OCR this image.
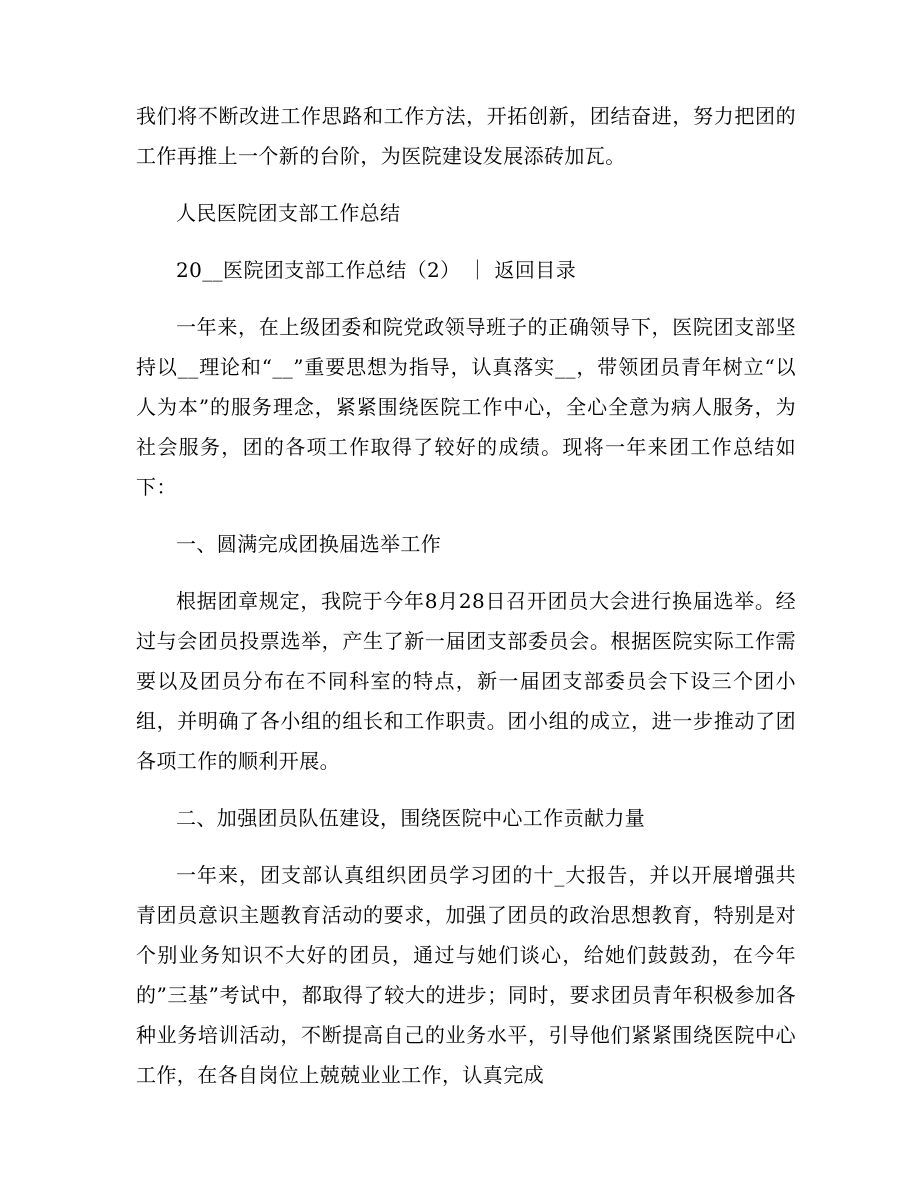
我们将不断改进工作思路和工作方法，开拓创新，团结奋进，努力把团的工作再推上一个新的台阶，为医院建设发展添砖加瓦。

人民医院团支部工作总结

20__医院团支部工作总结（2） ｜ 返回目录

一年来，在上级团委和院党政领导班子的正确领导下，医院团支部坚持以__理论和“__”重要思想为指导，认真落实__，带领团员青年树立“以人为本”的服务理念，紧紧围绕医院工作中心，全心全意为病人服务，为社会服务，团的各项工作取得了较好的成绩。现将一年来团工作总结如下：

一、圆满完成团换届选举工作

根据团章规定，我院于今年8月28日召开团员大会进行换届选举。经过与会团员投票选举，产生了新一届团支部委员会。根据医院实际工作需要以及团员分布在不同科室的特点，新一届团支部委员会下设三个团小组，并明确了各小组的组长和工作职责。团小组的成立，进一步推动了团各项工作的顺利开展。

二、加强团员队伍建设，围绕医院中心工作贡献力量

一年来，团支部认真组织团员学习团的十_大报告，并以开展增强共青团员意识主题教育活动的要求，加强了团员的政治思想教育，特别是对个别业务知识不大好的团员，通过与她们谈心，给她们鼓鼓劲，在今年的”三基”考试中，都取得了较大的进步；同时，要求团员青年积极参加各种业务培训活动，不断提高自己的业务水平，引导他们紧紧围绕医院中心工作，在各自岗位上兢兢业业工作，认真完成
